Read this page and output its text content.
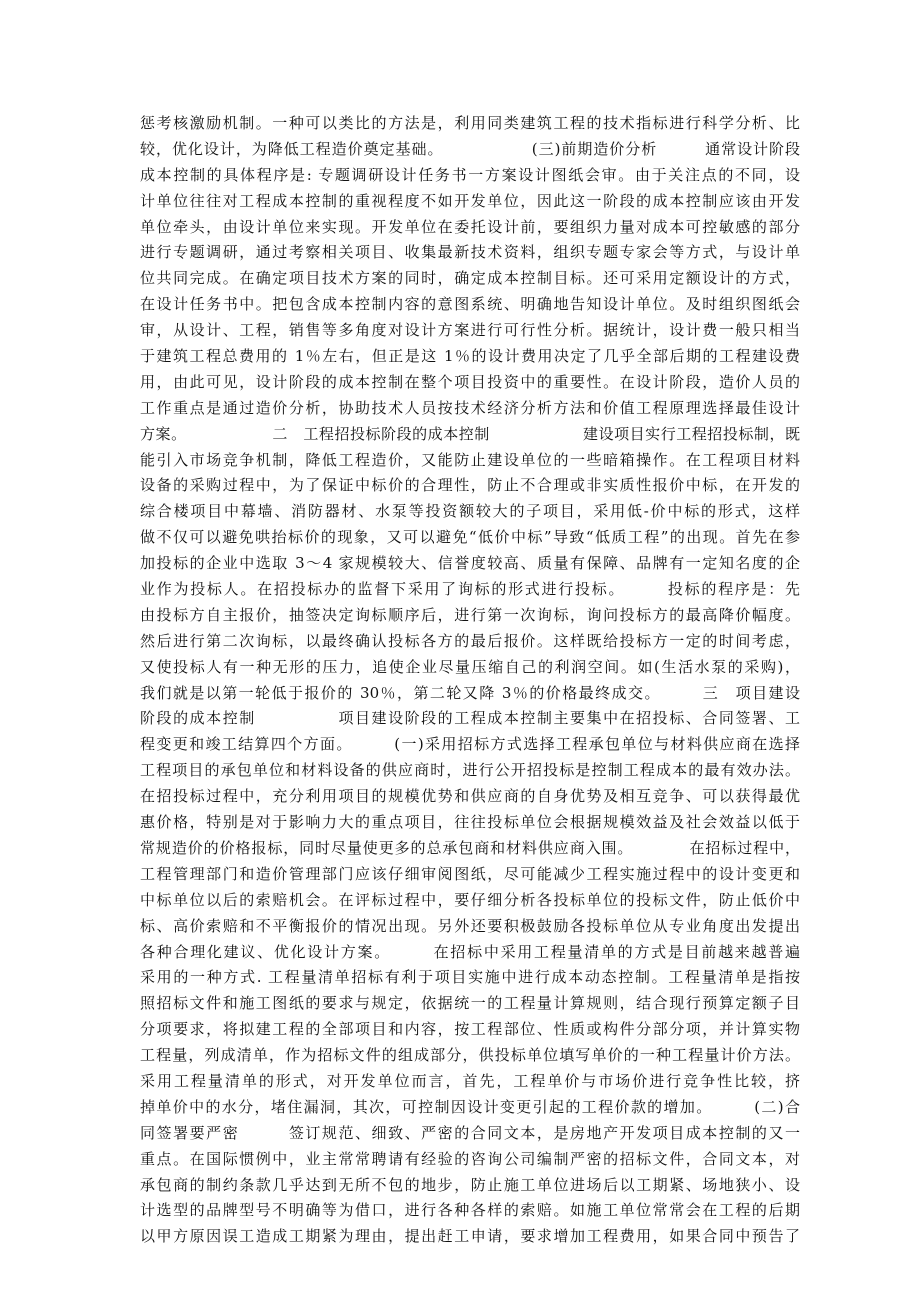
惩考核激励机制。一种可以类比的方法是，利用同类建筑工程的技术指标进行科学分析、比
较，优化设计，为降低工程造价奠定基础。　　　　　　(三)前期造价分析　　　通常设计阶段
成本控制的具体程序是: 专题调研设计任务书一方案设计图纸会审。由于关注点的不同，设
计单位往往对工程成本控制的重视程度不如开发单位，因此这一阶段的成本控制应该由开发
单位牵头，由设计单位来实现。开发单位在委托设计前，要组织力量对成本可控敏感的部分
进行专题调研，通过考察相关项目、收集最新技术资料，组织专题专家会等方式，与设计单
位共同完成。在确定项目技术方案的同时，确定成本控制目标。还可采用定额设计的方式，
在设计任务书中。把包含成本控制内容的意图系统、明确地告知设计单位。及时组织图纸会
审，从设计、工程，销售等多角度对设计方案进行可行性分析。据统计，设计费一般只相当
于建筑工程总费用的 1％左右，但正是这 1％的设计费用决定了几乎全部后期的工程建设费
用，由此可见，设计阶段的成本控制在整个项目投资中的重要性。在设计阶段，造价人员的
工作重点是通过造价分析，协助技术人员按技术经济分析方法和价值工程原理选择最佳设计
方案。　　　　　　二　工程招投标阶段的成本控制　　　　　　建设项目实行工程招投标制，既
能引入市场竞争机制，降低工程造价，又能防止建设单位的一些暗箱操作。在工程项目材料
设备的采购过程中，为了保证中标价的合理性，防止不合理或非实质性报价中标，在开发的
综合楼项目中幕墙、消防器材、水泵等投资额较大的子项目，采用低-价中标的形式，这样
做不仅可以避免哄抬标价的现象，又可以避免“低价中标”导致“低质工程”的出现。首先在参
加投标的企业中选取 3～4 家规模较大、信誉度较高、质量有保障、品牌有一定知名度的企
业作为投标人。在招投标办的监督下采用了询标的形式进行投标。　　　投标的程序是：先
由投标方自主报价，抽签决定询标顺序后，进行第一次询标，询问投标方的最高降价幅度。
然后进行第二次询标，以最终确认投标各方的最后报价。这样既给投标方一定的时间考虑，
又使投标人有一种无形的压力，追使企业尽量压缩自己的利润空间。如(生活水泵的采购)，
我们就是以第一轮低于报价的 30％，第二轮又降 3％的价格最终成交。　　　三　项目建设
阶段的成本控制　　　　　项目建设阶段的工程成本控制主要集中在招投标、合同签署、工
程变更和竣工结算四个方面。　　　(一)采用招标方式选择工程承包单位与材料供应商在选择
工程项目的承包单位和材料设备的供应商时，进行公开招投标是控制工程成本的最有效办法。
在招投标过程中，充分利用项目的规模优势和供应商的自身优势及相互竞争、可以获得最优
惠价格，特别是对于影响力大的重点项目，往往投标单位会根据规模效益及社会效益以低于
常规造价的价格报标，同时尽量使更多的总承包商和材料供应商入围。　　　　在招标过程中，
工程管理部门和造价管理部门应该仔细审阅图纸，尽可能减少工程实施过程中的设计变更和
中标单位以后的索赔机会。在评标过程中，要仔细分析各投标单位的投标文件，防止低价中
标、高价索赔和不平衡报价的情况出现。另外还要积极鼓励各投标单位从专业角度出发提出
各种合理化建议、优化设计方案。　　　在招标中采用工程量清单的方式是目前越来越普遍
采用的一种方式. 工程量清单招标有利于项目实施中进行成本动态控制。工程量清单是指按
照招标文件和施工图纸的要求与规定，依据统一的工程量计算规则，结合现行预算定额子目
分项要求，将拟建工程的全部项目和内容，按工程部位、性质或构件分部分项，并计算实物
工程量，列成清单，作为招标文件的组成部分，供投标单位填写单价的一种工程量计价方法。
采用工程量清单的形式，对开发单位而言，首先，工程单价与市场价进行竞争性比较，挤
掉单价中的水分，堵住漏洞，其次，可控制因设计变更引起的工程价款的增加。　　　(二)合
同签署要严密　　　签订规范、细致、严密的合同文本，是房地产开发项目成本控制的又一
重点。在国际惯例中，业主常常聘请有经验的咨询公司编制严密的招标文件，合同文本，对
承包商的制约条款几乎达到无所不包的地步，防止施工单位进场后以工期紧、场地狭小、设
计选型的品牌型号不明确等为借口，进行各种各样的索赔。如施工单位常常会在工程的后期
以甲方原因误工造成工期紧为理由，提出赶工申请，要求增加工程费用，如果合同中预告了
